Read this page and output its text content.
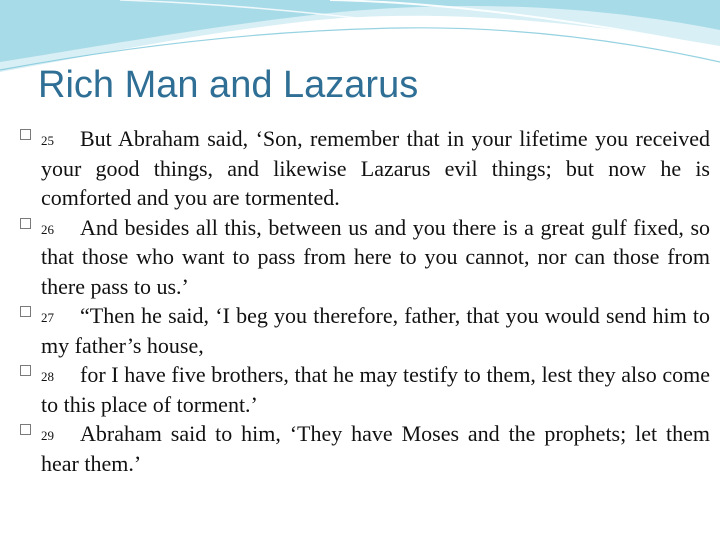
Rich Man and Lazarus
$^{25}$ But Abraham said, ‘Son, remember that in your lifetime you received your good things, and likewise Lazarus evil things; but now he is comforted and you are tormented.
$^{26}$ And besides all this, between us and you there is a great gulf fixed, so that those who want to pass from here to you cannot, nor can those from there pass to us.’
$^{27}$ “Then he said, ‘I beg you therefore, father, that you would send him to my father’s house,
$^{28}$ for I have five brothers, that he may testify to them, lest they also come to this place of torment.’
$^{29}$ Abraham said to him, ‘They have Moses and the prophets; let them hear them.’
